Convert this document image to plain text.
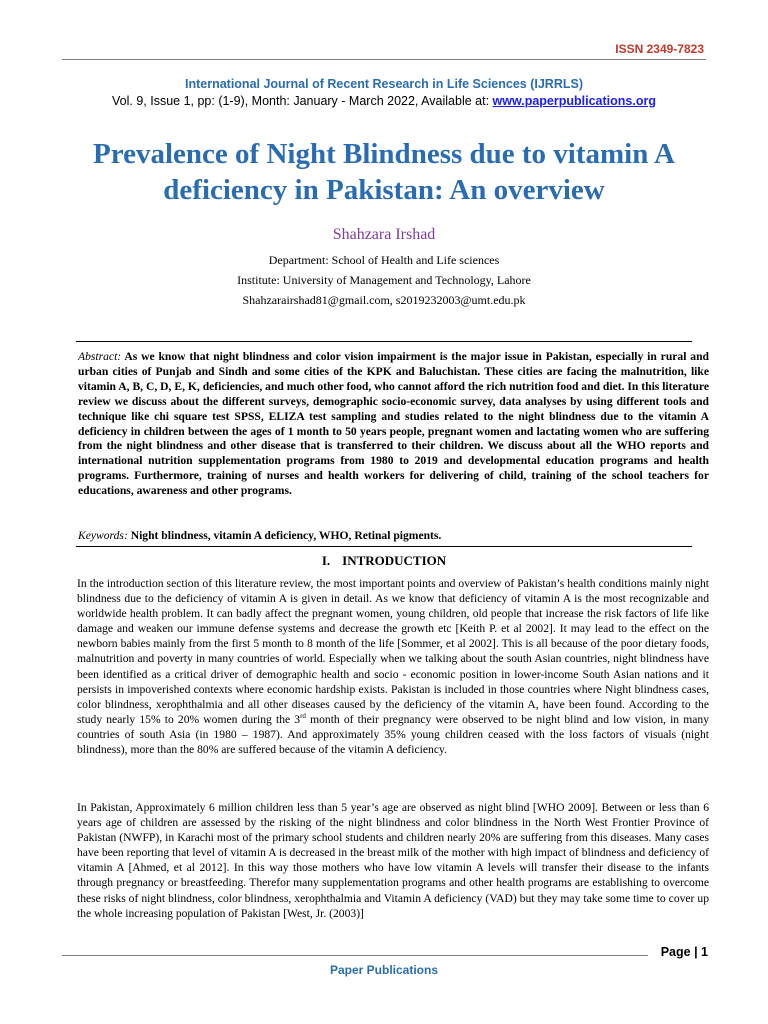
ISSN 2349-7823
International Journal of Recent Research in Life Sciences (IJRRLS)
Vol. 9, Issue 1, pp: (1-9), Month: January - March 2022, Available at: www.paperpublications.org
Prevalence of Night Blindness due to vitamin A deficiency in Pakistan: An overview
Shahzara Irshad
Department: School of Health and Life sciences
Institute: University of Management and Technology, Lahore
Shahzarairshad81@gmail.com, s2019232003@umt.edu.pk
Abstract: As we know that night blindness and color vision impairment is the major issue in Pakistan, especially in rural and urban cities of Punjab and Sindh and some cities of the KPK and Baluchistan. These cities are facing the malnutrition, like vitamin A, B, C, D, E, K, deficiencies, and much other food, who cannot afford the rich nutrition food and diet. In this literature review we discuss about the different surveys, demographic socio-economic survey, data analyses by using different tools and technique like chi square test SPSS, ELIZA test sampling and studies related to the night blindness due to the vitamin A deficiency in children between the ages of 1 month to 50 years people, pregnant women and lactating women who are suffering from the night blindness and other disease that is transferred to their children. We discuss about all the WHO reports and international nutrition supplementation programs from 1980 to 2019 and developmental education programs and health programs. Furthermore, training of nurses and health workers for delivering of child, training of the school teachers for educations, awareness and other programs.
Keywords: Night blindness, vitamin A deficiency, WHO, Retinal pigments.
I. INTRODUCTION
In the introduction section of this literature review, the most important points and overview of Pakistan’s health conditions mainly night blindness due to the deficiency of vitamin A is given in detail. As we know that deficiency of vitamin A is the most recognizable and worldwide health problem. It can badly affect the pregnant women, young children, old people that increase the risk factors of life like damage and weaken our immune defense systems and decrease the growth etc [Keith P. et al 2002]. It may lead to the effect on the newborn babies mainly from the first 5 month to 8 month of the life [Sommer, et al 2002]. This is all because of the poor dietary foods, malnutrition and poverty in many countries of world. Especially when we talking about the south Asian countries, night blindness have been identified as a critical driver of demographic health and socio - economic position in lower-income South Asian nations and it persists in impoverished contexts where economic hardship exists. Pakistan is included in those countries where Night blindness cases, color blindness, xerophthalmia and all other diseases caused by the deficiency of the vitamin A, have been found. According to the study nearly 15% to 20% women during the 3rd month of their pregnancy were observed to be night blind and low vision, in many countries of south Asia (in 1980 – 1987). And approximately 35% young children ceased with the loss factors of visuals (night blindness), more than the 80% are suffered because of the vitamin A deficiency.
In Pakistan, Approximately 6 million children less than 5 year’s age are observed as night blind [WHO 2009]. Between or less than 6 years age of children are assessed by the risking of the night blindness and color blindness in the North West Frontier Province of Pakistan (NWFP), in Karachi most of the primary school students and children nearly 20% are suffering from this diseases. Many cases have been reporting that level of vitamin A is decreased in the breast milk of the mother with high impact of blindness and deficiency of vitamin A [Ahmed, et al 2012]. In this way those mothers who have low vitamin A levels will transfer their disease to the infants through pregnancy or breastfeeding. Therefor many supplementation programs and other health programs are establishing to overcome these risks of night blindness, color blindness, xerophthalmia and Vitamin A deficiency (VAD) but they may take some time to cover up the whole increasing population of Pakistan [West, Jr. (2003)]
Page | 1
Paper Publications
